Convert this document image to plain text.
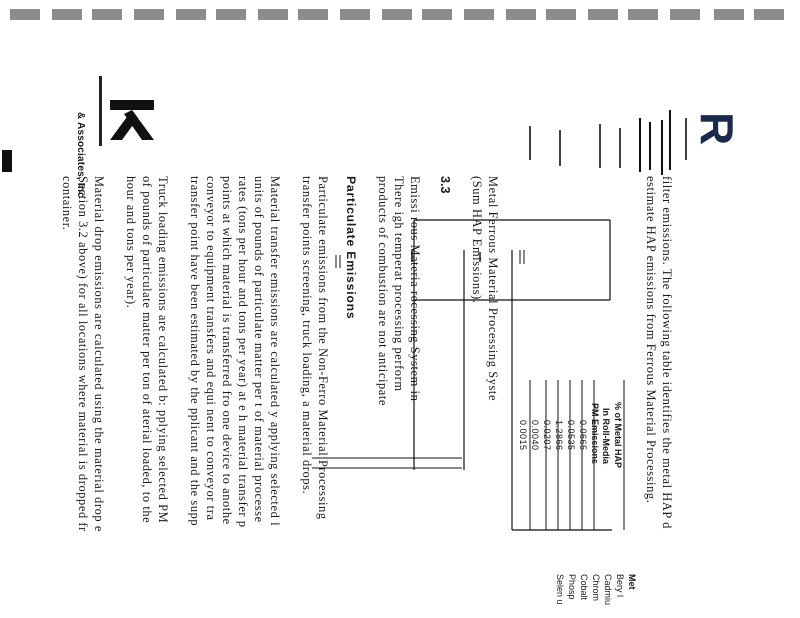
& Associates, Inc	R
filter emissions. The following table identifies the metal HAP d
estimate HAP emissions from Ferrous Material Processing.
Met
% of Metal HAP
In Roll-Media
PM Emissions
Bery l
Cadmiu
Chrom
Cobalt
Phosp
Selen u
0.0665
0.0535
1.2866
0.0207
0.0040
0.0015
Metal Ferrous Material Processing Syste
(Sum HAP Emissions).
3.3
Emissi rous Materia rocessing System in
There igh temperat processing perform
products of combustion are not anticipate
Particulate Emissions
Particulate emissions from the Non-Ferro Material Processing
transfer points screening, truck loading, a material drops.
Material transfer emissions are calculated y applying selected l
units of pounds of particulate matter per t of material processe
rates (tons per hour and tons per year) at e h material transfer p
points at which material is transferred fro one device to anothe
conveyor to equipment transfers and equi nent to conveyor tra
transfer point have been estimated by the pplicant and the supp
Truck loading emissions are calculated b: pplying selected PM
of pounds of particulate matter per ton of aterial loaded, to the
hour and tons per year).
Material drop emissions are calculated using the material drop e
Section 3.2 above) for all locations where material is dropped fr
container.
